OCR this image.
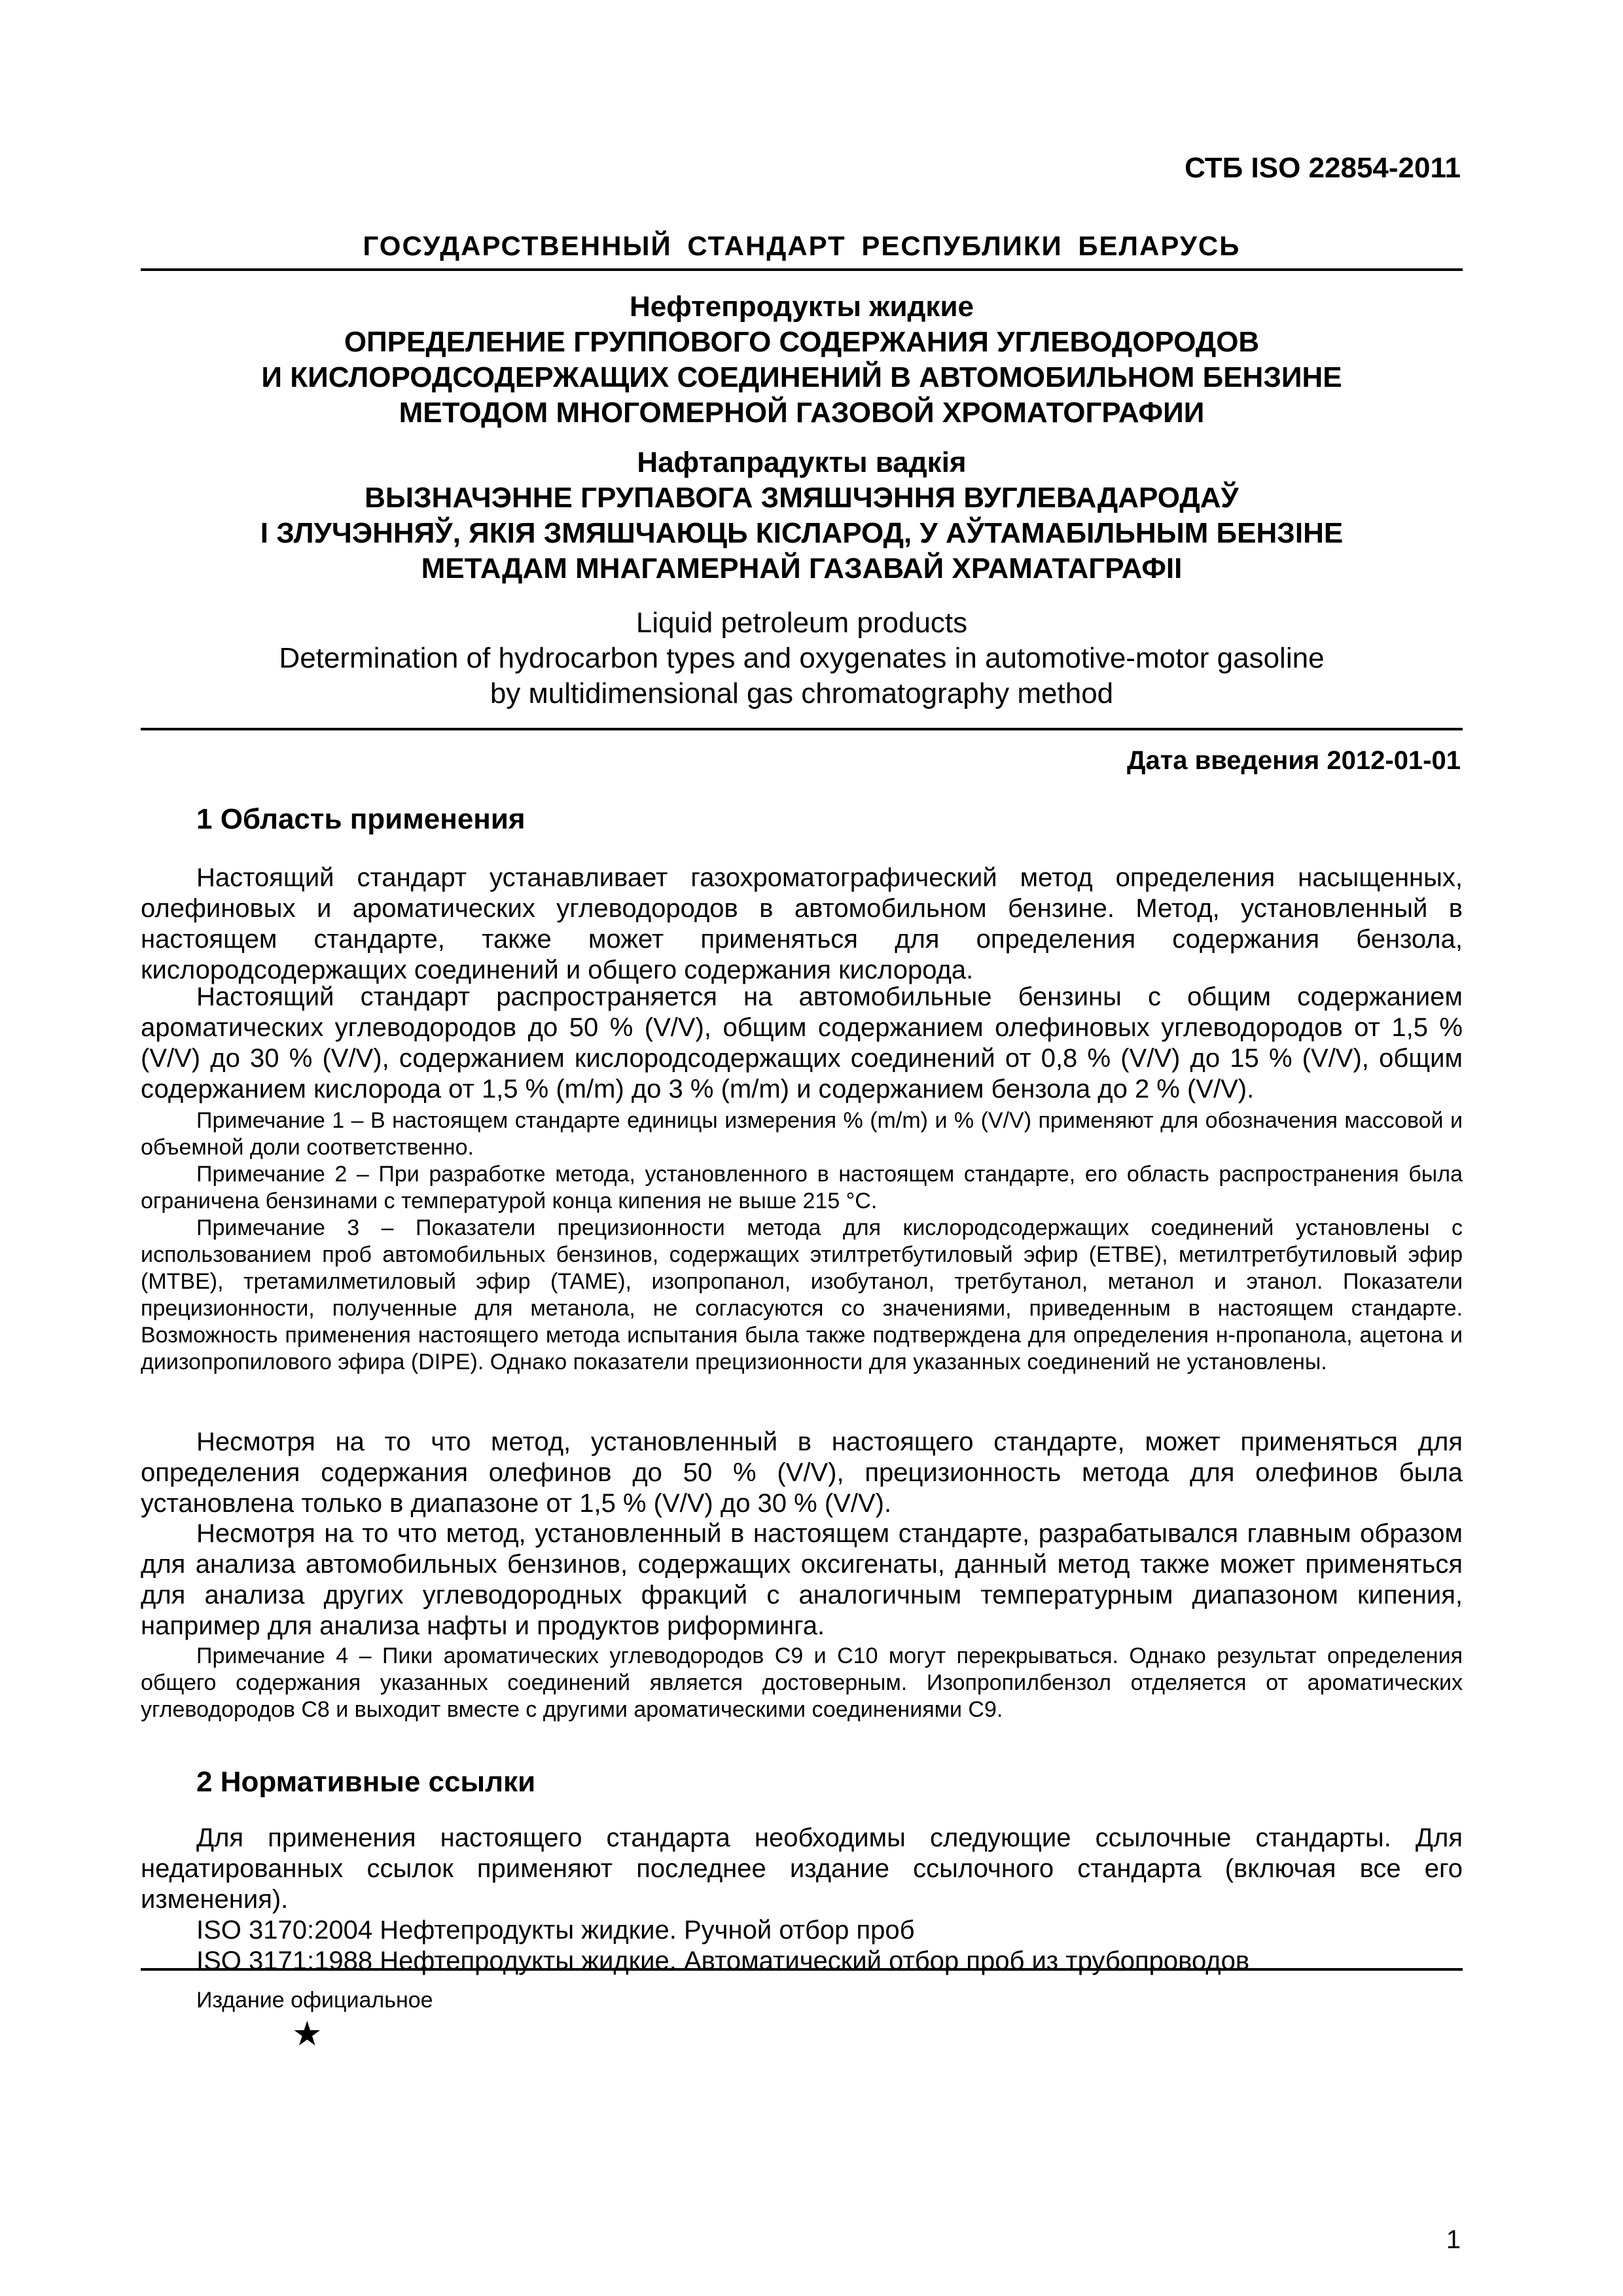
СТБ ISO 22854-2011
ГОСУДАРСТВЕННЫЙ СТАНДАРТ РЕСПУБЛИКИ БЕЛАРУСЬ
Нефтепродукты жидкие
ОПРЕДЕЛЕНИЕ ГРУППОВОГО СОДЕРЖАНИЯ УГЛЕВОДОРОДОВ
И КИСЛОРОДСОДЕРЖАЩИХ СОЕДИНЕНИЙ В АВТОМОБИЛЬНОМ БЕНЗИНЕ
МЕТОДОМ МНОГОМЕРНОЙ ГАЗОВОЙ ХРОМАТОГРАФИИ
Нафтапрадукты вадкія
ВЫЗНАЧЭННЕ ГРУПАВОГА ЗМЯШЧЭННЯ ВУГЛЕВАДАРОДАЎ
І ЗЛУЧЭННЯЎ, ЯКІЯ ЗМЯШЧАЮЦЬ КІСЛАРОД, У АЎТАМАБІЛЬНЫМ БЕНЗІНЕ
МЕТАДАМ МНАГАМЕРНАЙ ГАЗАВАЙ ХРАМАТАГРАФІІ
Liquid petroleum products
Determination of hydrocarbon types and oxygenates in automotive-motor gasoline
by мultidimensional gas chromatography method
Дата введения 2012-01-01
1 Область применения

Настоящий стандарт устанавливает газохроматографический метод определения насыщенных, олефиновых и ароматических углеводородов в автомобильном бензине. Метод, установленный в настоящем стандарте, также может применяться для определения содержания бензола, кислородсодержащих соединений и общего содержания кислорода.

Настоящий стандарт распространяется на автомобильные бензины с общим содержанием ароматических углеводородов до 50 % (V/V), общим содержанием олефиновых углеводородов от 1,5 % (V/V) до 30 % (V/V), содержанием кислородсодержащих соединений от 0,8 % (V/V) до 15 % (V/V), общим содержанием кислорода от 1,5 % (m/m) до 3 % (m/m) и содержанием бензола до 2 % (V/V).

Примечание 1 – В настоящем стандарте единицы измерения % (m/m) и % (V/V) применяют для обозначения массовой и объемной доли соответственно.

Примечание 2 – При разработке метода, установленного в настоящем стандарте, его область распространения была ограничена бензинами с температурой конца кипения не выше 215 °С.

Примечание 3 – Показатели прецизионности метода для кислородсодержащих соединений установлены с использованием проб автомобильных бензинов, содержащих этилтретбутиловый эфир (ETBE), метилтретбутиловый эфир (MTBE), третамилметиловый эфир (TAME), изопропанол, изобутанол, третбутанол, метанол и этанол. Показатели прецизионности, полученные для метанола, не согласуются со значениями, приведенным в настоящем стандарте. Возможность применения настоящего метода испытания была также подтверждена для определения н-пропанола, ацетона и диизопропилового эфира (DIPE). Однако показатели прецизионности для указанных соединений не установлены.

Несмотря на то что метод, установленный в настоящего стандарте, может применяться для определения содержания олефинов до 50 % (V/V), прецизионность метода для олефинов была установлена только в диапазоне от 1,5 % (V/V) до 30 % (V/V).

Несмотря на то что метод, установленный в настоящем стандарте, разрабатывался главным образом для анализа автомобильных бензинов, содержащих оксигенаты, данный метод также может применяться для анализа других углеводородных фракций с аналогичным температурным диапазоном кипения, например для анализа нафты и продуктов риформинга.

Примечание 4 – Пики ароматических углеводородов С9 и С10 могут перекрываться. Однако результат определения общего содержания указанных соединений является достоверным. Изопропилбензол отделяется от ароматических углеводородов С8 и выходит вместе с другими ароматическими соединениями С9.

2 Нормативные ссылки

Для применения настоящего стандарта необходимы следующие ссылочные стандарты. Для недатированных ссылок применяют последнее издание ссылочного стандарта (включая все его изменения).

ISO 3170:2004 Нефтепродукты жидкие. Ручной отбор проб

ISO 3171:1988 Нефтепродукты жидкие. Автоматический отбор проб из трубопроводов

Издание официальное
★
1
